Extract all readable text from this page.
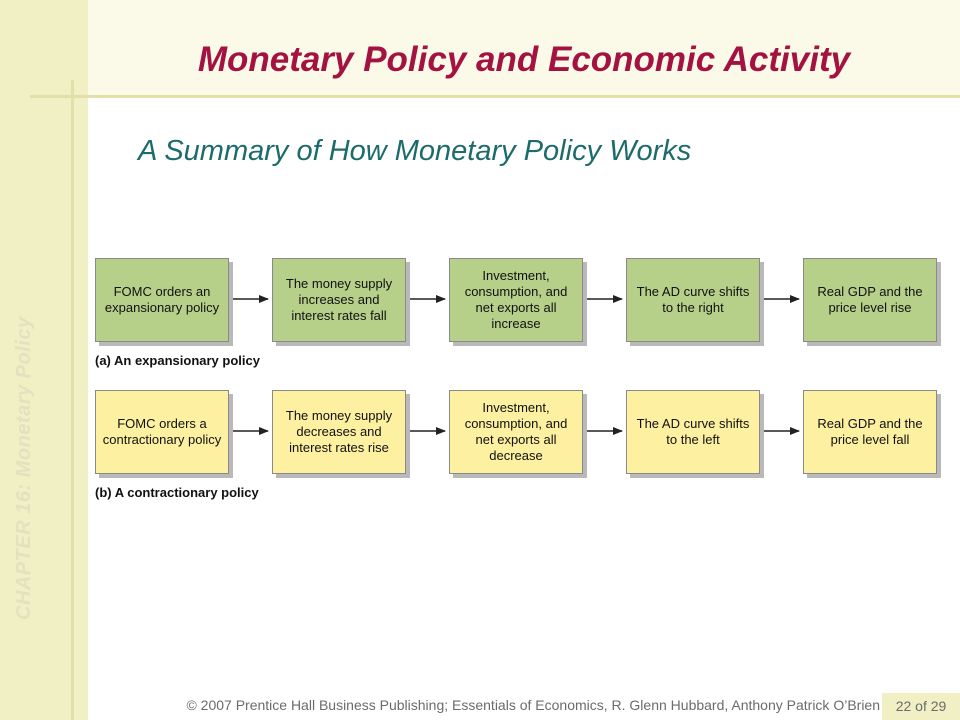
CHAPTER 16: Monetary Policy
Monetary Policy and Economic Activity
A Summary of How Monetary Policy Works
FOMC orders an expansionary policy
The money supply increases and interest rates fall
Investment, consumption, and net exports all increase
The AD curve shifts to the right
Real GDP and the price level rise
(a) An expansionary policy
FOMC orders a contractionary policy
The money supply decreases and interest rates rise
Investment, consumption, and net exports all decrease
The AD curve shifts to the left
Real GDP and the price level fall
(b) A contractionary policy
© 2007 Prentice Hall Business Publishing; Essentials of Economics, R. Glenn Hubbard, Anthony Patrick O’Brien	22 of 29
